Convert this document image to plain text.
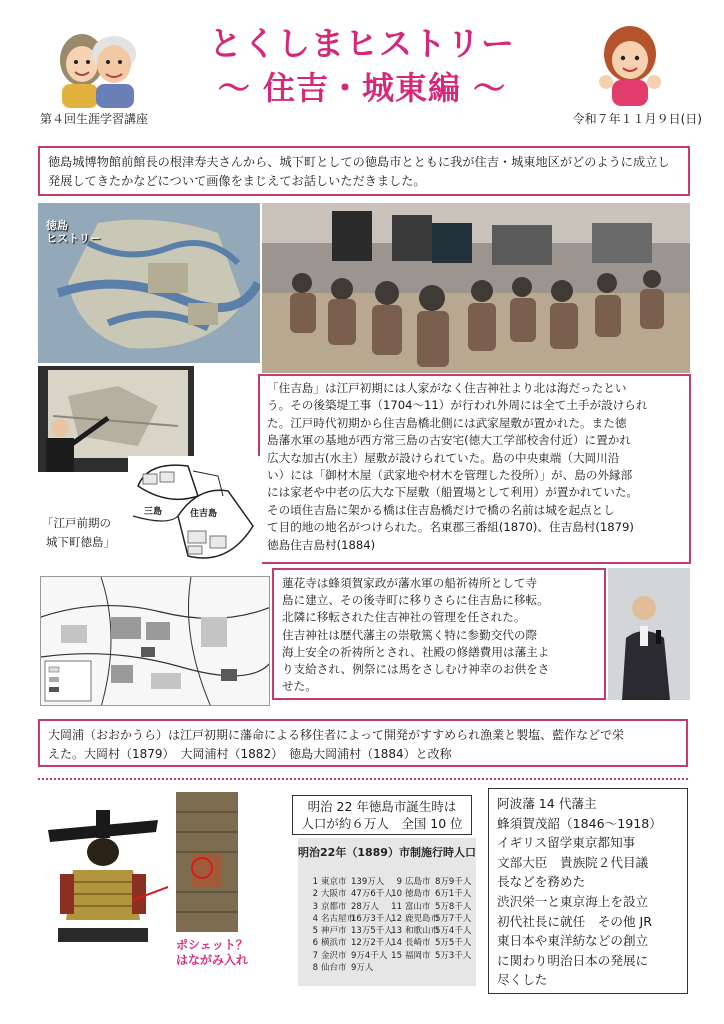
とくしまヒストリー
～ 住吉・城東編 ～
第４回生涯学習講座	令和７年１１月９日(日)
徳島城博物館前館長の根津寿夫さんから、城下町としての徳島市とともに我が住吉・城東地区がどのように成立し発展してきたかなどについて画像をまじえてお話しいただきました。
徳島
ヒストリー
「住吉島」は江戸初期には人家がなく住吉神社より北は海だったとい
う。その後築堤工事（1704～11）が行われ外周には全て土手が設けられ
た。江戸時代初期から住吉島橋北側には武家屋敷が置かれた。また徳
島藩水軍の基地が西方常三島の古安宅(徳大工学部校舎付近）に置かれ
広大な加古(水主）屋敷が設けられていた。島の中央東端（大岡川沿
い）には「御材木屋（武家地や材木を管理した役所）」が、島の外縁部
には家老や中老の広大な下屋敷（船置場として利用）が置かれていた。
その頃住吉島に架かる橋は住吉島橋だけで橋の名前は城を起点とし
て目的地の地名がつけられた。名東郡三番組(1870)、住吉島村(1879)
徳島住吉島村(1884)
三島	住吉島
「江戸前期の
城下町徳島」
蓮花寺は蜂須賀家政が藩水軍の船祈祷所として寺
島に建立、その後寺町に移りさらに住吉島に移転。
北隣に移転された住吉神社の管理を任された。
住吉神社は歴代藩主の崇敬篤く特に参勤交代の際
海上安全の祈祷所とされ、社殿の修繕費用は藩主よ
り支給され、例祭には馬をさしむけ神幸のお供をさ
せた。
大岡浦（おおかうら）は江戸初期に藩命による移住者によって開発がすすめられ漁業と製塩、藍作などで栄
えた。大岡村（1879）　大岡浦村（1882）　徳島大岡浦村（1884）と改称
ポシェット？
はながみ入れ
明治 22 年徳島市誕生時は
人口が約６万人　全国 10 位
明治22年（1889）市制施行時人口
1 東京市 139万人
2 大阪市 47万6千人
3 京都市 28万人
4 名古屋市
16万3千人
5 神戸市 13万5千人
6 横浜市 12万2千人
7 金沢市 9万4千人
8 仙台市 9万人
9 広島市 8万9千人
10 徳島市 6万1千人
11 富山市 5万8千人
12 鹿児島市
5万7千人
13 和歌山市
5万4千人
14 長崎市 5万5千人
15 福岡市 5万3千人
阿波藩 14 代藩主
蜂須賀茂韶（1846～1918）
イギリス留学東京都知事
文部大臣　貴族院２代目議
長などを務めた
渋沢栄一と東京海上を設立
初代社長に就任　その他 JR
東日本や東洋紡などの創立
に関わり明治日本の発展に
尽くした
